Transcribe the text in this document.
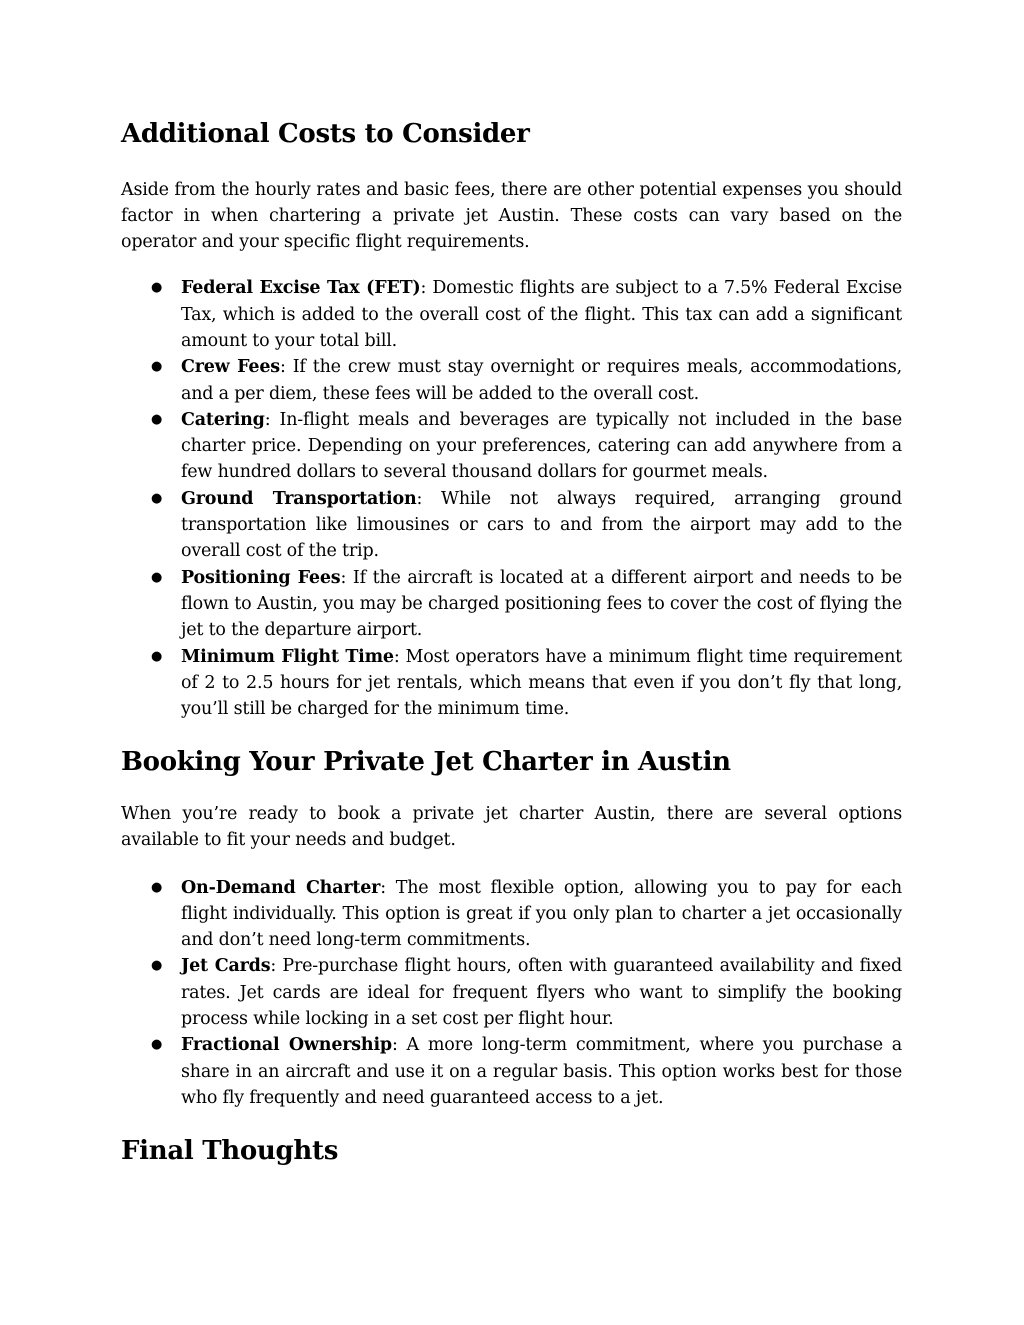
Additional Costs to Consider

Aside from the hourly rates and basic fees, there are other potential expenses you should factor in when chartering a private jet Austin. These costs can vary based on the operator and your specific flight requirements.

● Federal Excise Tax (FET): Domestic flights are subject to a 7.5% Federal Excise Tax, which is added to the overall cost of the flight. This tax can add a significant amount to your total bill.
● Crew Fees: If the crew must stay overnight or requires meals, accommodations, and a per diem, these fees will be added to the overall cost.
● Catering: In-flight meals and beverages are typically not included in the base charter price. Depending on your preferences, catering can add anywhere from a few hundred dollars to several thousand dollars for gourmet meals.
● Ground Transportation: While not always required, arranging ground transportation like limousines or cars to and from the airport may add to the overall cost of the trip.
● Positioning Fees: If the aircraft is located at a different airport and needs to be flown to Austin, you may be charged positioning fees to cover the cost of flying the jet to the departure airport.
● Minimum Flight Time: Most operators have a minimum flight time requirement of 2 to 2.5 hours for jet rentals, which means that even if you don’t fly that long, you’ll still be charged for the minimum time.
Booking Your Private Jet Charter in Austin

When you’re ready to book a private jet charter Austin, there are several options available to fit your needs and budget.

● On-Demand Charter: The most flexible option, allowing you to pay for each flight individually. This option is great if you only plan to charter a jet occasionally and don’t need long-term commitments.
● Jet Cards: Pre-purchase flight hours, often with guaranteed availability and fixed rates. Jet cards are ideal for frequent flyers who want to simplify the booking process while locking in a set cost per flight hour.
● Fractional Ownership: A more long-term commitment, where you purchase a share in an aircraft and use it on a regular basis. This option works best for those who fly frequently and need guaranteed access to a jet.
Final Thoughts
